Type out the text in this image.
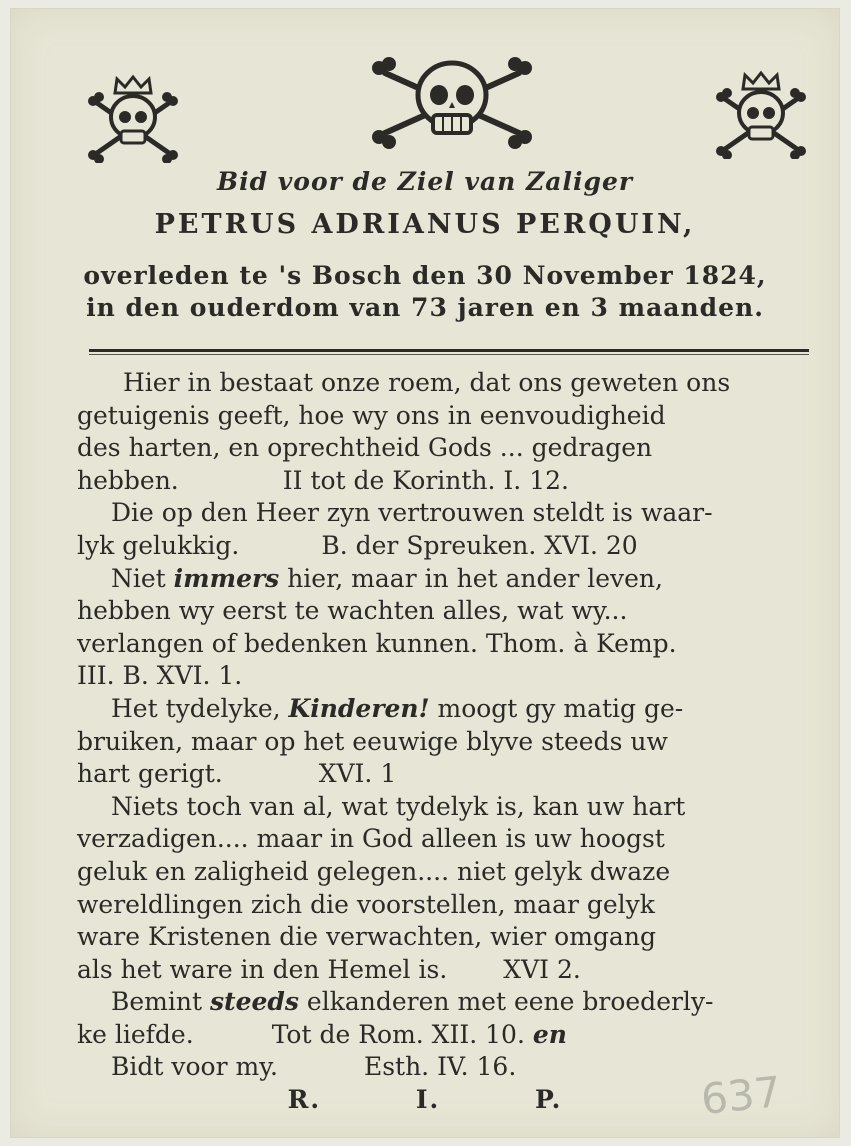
Bid voor de Ziel van Zaliger
PETRUS ADRIANUS PERQUIN,
overleden te 's Bosch den 30 November 1824,
in den ouderdom van 73 jaren en 3 maanden.
Hier in bestaat onze roem, dat ons geweten ons
getuigenis geeft, hoe wy ons in eenvoudigheid
des harten, en oprechtheid Gods ... gedragen
hebben.	II tot de Korinth. I. 12.
Die op den Heer zyn vertrouwen steldt is waar-
lyk gelukkig.	B. der Spreuken. XVI. 20
Niet immers hier, maar in het ander leven,
hebben wy eerst te wachten alles, wat wy...
verlangen of bedenken kunnen. Thom. à Kemp.
III. B. XVI. 1.
Het tydelyke, Kinderen! moogt gy matig ge-
bruiken, maar op het eeuwige blyve steeds uw
hart gerigt.	XVI. 1
Niets toch van al, wat tydelyk is, kan uw hart
verzadigen.... maar in God alleen is uw hoogst
geluk en zaligheid gelegen.... niet gelyk dwaze
wereldlingen zich die voorstellen, maar gelyk
ware Kristenen die verwachten, wier omgang
als het ware in den Hemel is. XVI 2.
Bemint steeds elkanderen met eene broederly-
ke liefde.	Tot de Rom. XII. 10. en
Bidt voor my.	Esth. IV. 16.
R.	I.	P.	637
